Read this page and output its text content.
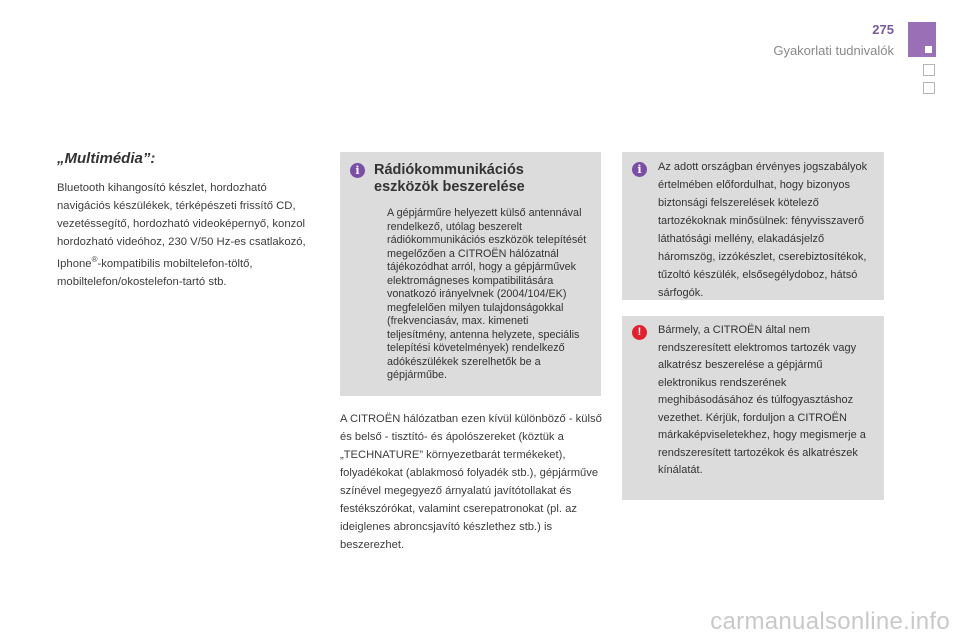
275
Gyakorlati tudnivalók

„Multimédia”:

Bluetooth kihangosító készlet, hordozható navigációs készülékek, térképészeti frissítő CD, vezetéssegítő, hordozható videoképernyő, konzol hordozható videóhoz, 230 V/50 Hz-es csatlakozó, Iphone®-kompatibilis mobiltelefon-töltő, mobiltelefon/okostelefon-tartó stb.

i Rádiókommunikációs eszközök beszerelése

A gépjárműre helyezett külső antennával rendelkező, utólag beszerelt rádiókommunikációs eszközök telepítését megelőzően a CITROËN hálózatnál tájékozódhat arról, hogy a gépjárművek elektromágneses kompatibilitására vonatkozó irányelvnek (2004/104/EK) megfelelően milyen tulajdonságokkal (frekvenciasáv, max. kimeneti teljesítmény, antenna helyzete, speciális telepítési követelmények) rendelkező adókészülékek szerelhetők be a gépjárműbe.

A CITROËN hálózatban ezen kívül különböző - külső és belső - tisztító- és ápolószereket (köztük a „TECHNATURE” környezetbarát termékeket), folyadékokat (ablakmosó folyadék stb.), gépjárműve színével megegyező árnyalatú javítótollakat és festékszórókat, valamint cserepatronokat (pl. az ideiglenes abroncsjavító készlethez stb.) is beszerezhet.

i	Az adott országban érvényes jogszabályok értelmében előfordulhat, hogy bizonyos biztonsági felszerelések kötelező tartozékoknak minősülnek: fényvisszaverő láthatósági mellény, elakadásjelző háromszög, izzókészlet, cserebiztosítékok, tűzoltó készülék, elsősegélydoboz, hátsó sárfogók.

!	Bármely, a CITROËN által nem rendszeresített elektromos tartozék vagy alkatrész beszerelése a gépjármű elektronikus rendszerének meghibásodásához és túlfogyasztáshoz vezethet. Kérjük, forduljon a CITROËN márkaképviseletekhez, hogy megismerje a rendszeresített tartozékok és alkatrészek kínálatát.

carmanualsonline.info
